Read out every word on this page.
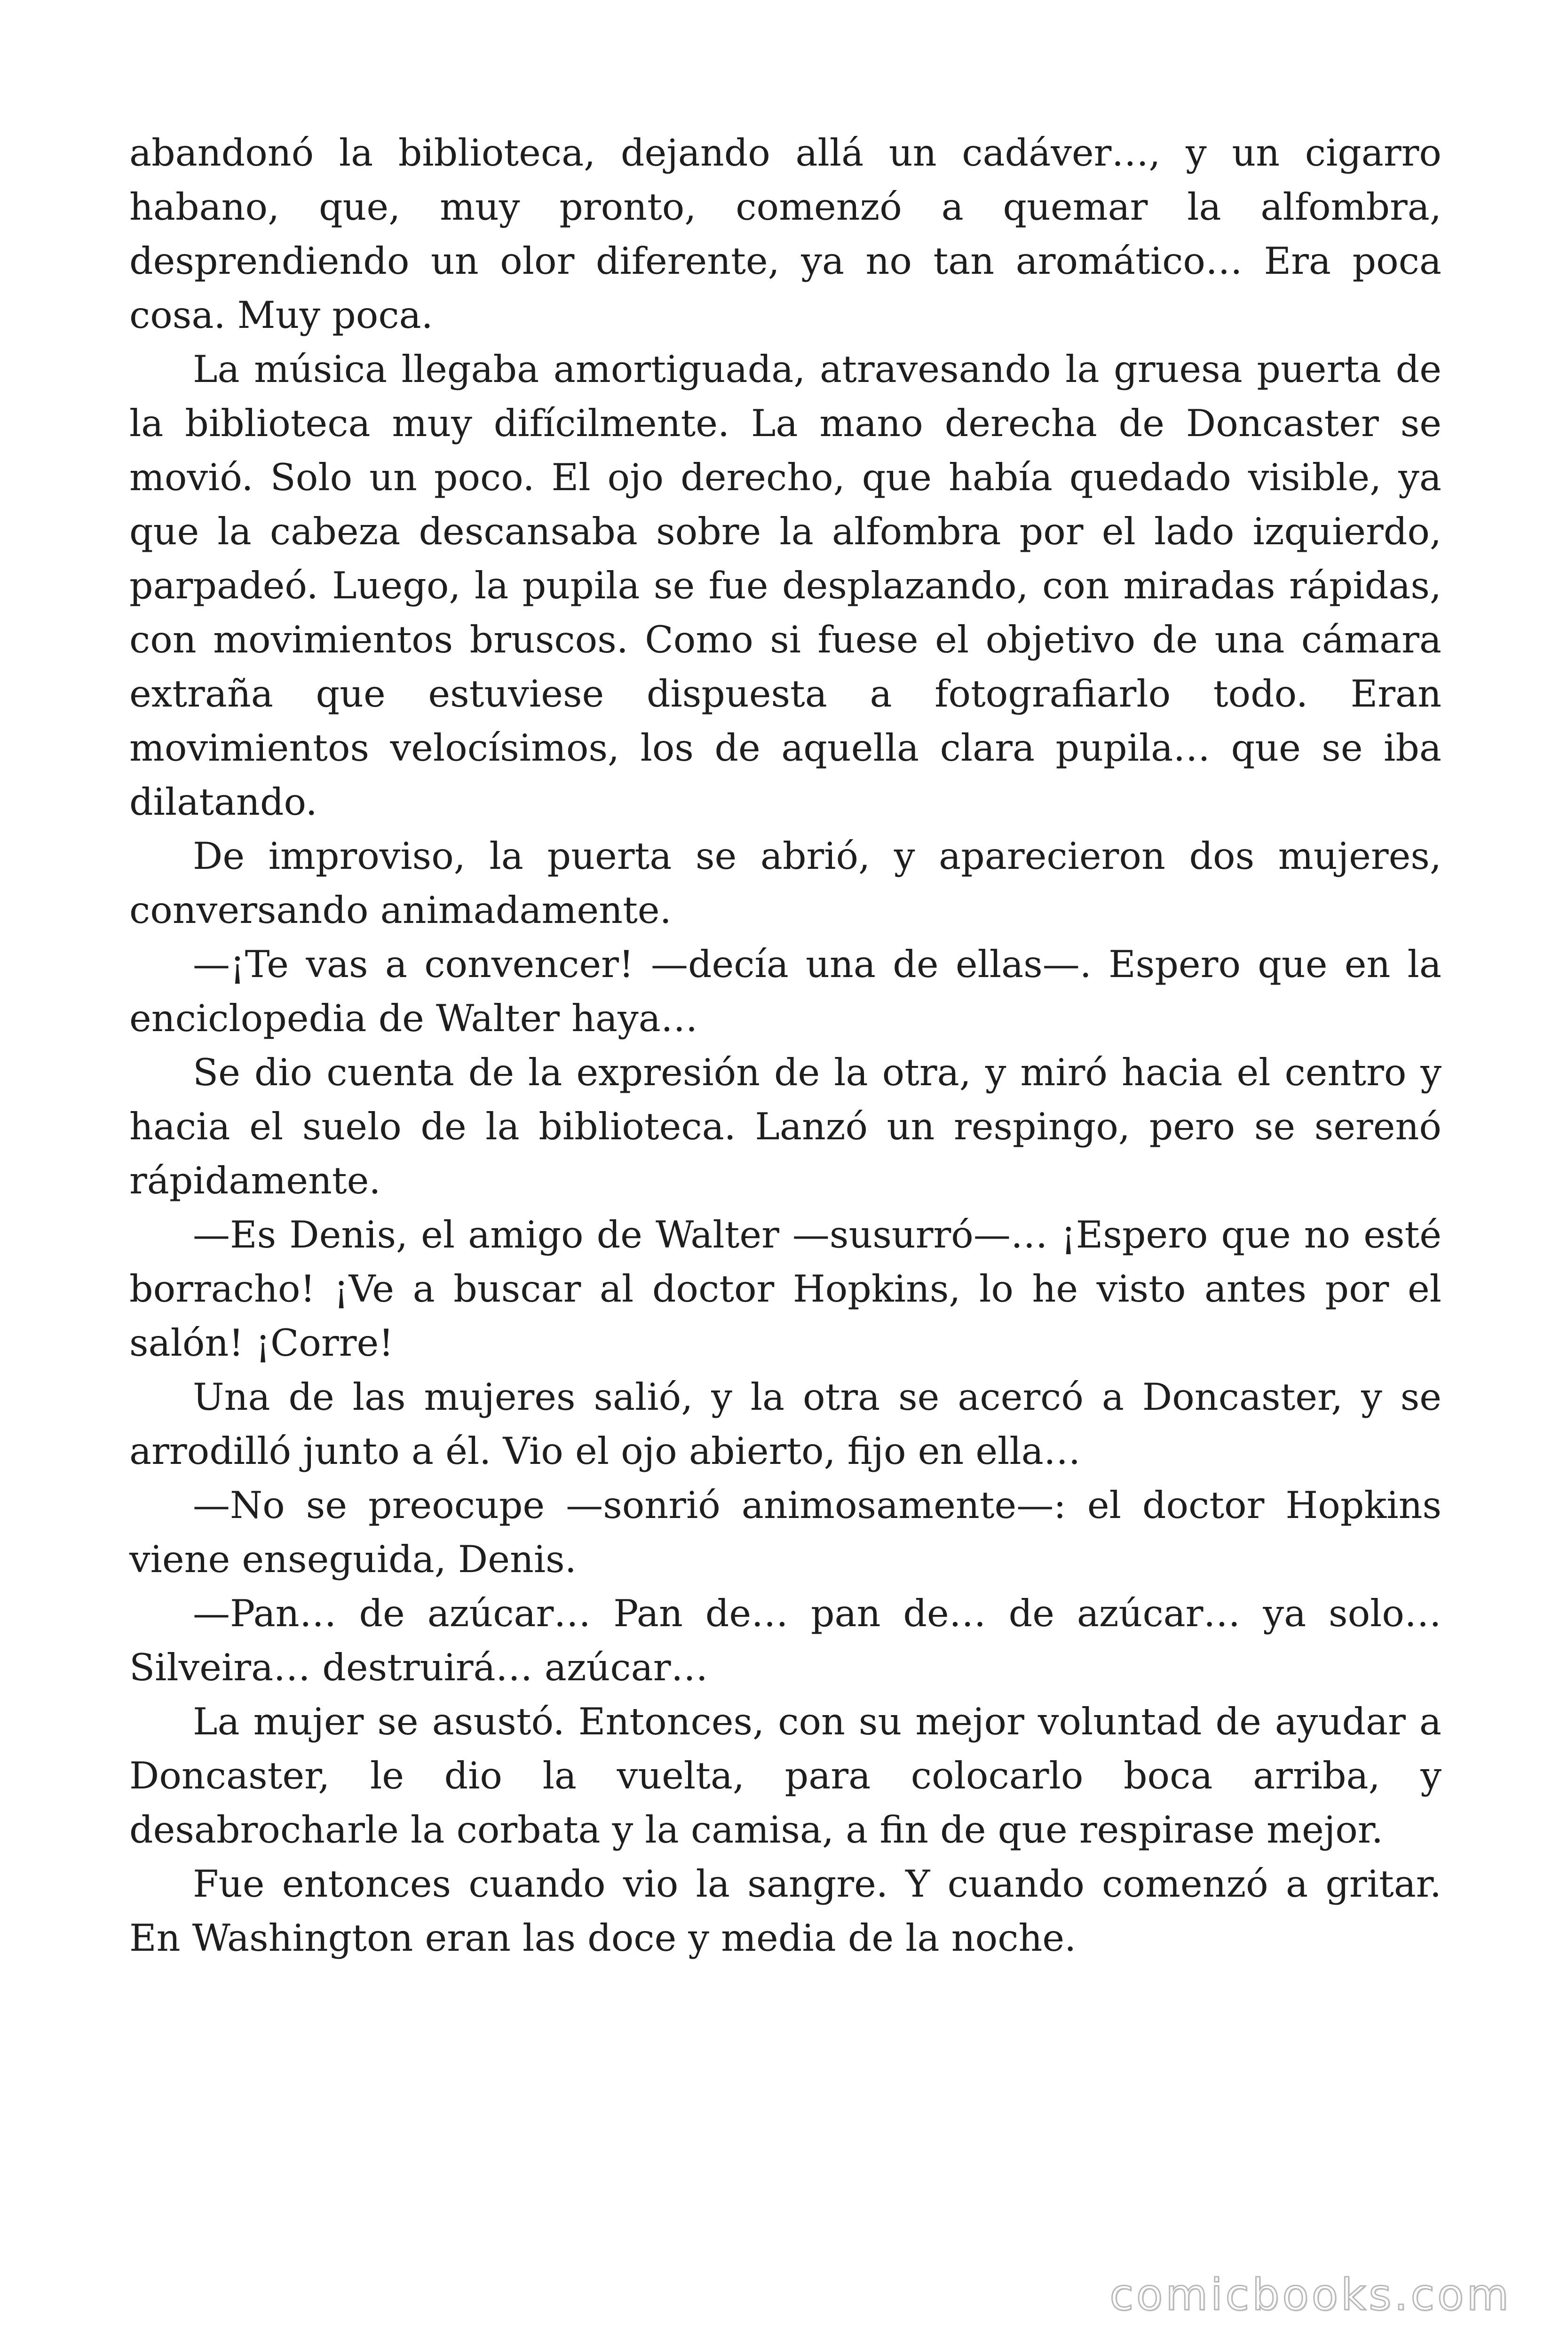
abandonó la biblioteca, dejando allá un cadáver…, y un cigarro habano, que, muy pronto, comenzó a quemar la alfombra, desprendiendo un olor diferente, ya no tan aromático… Era poca cosa. Muy poca.

La música llegaba amortiguada, atravesando la gruesa puerta de la biblioteca muy difícilmente. La mano derecha de Doncaster se movió. Solo un poco. El ojo derecho, que había quedado visible, ya que la cabeza descansaba sobre la alfombra por el lado izquierdo, parpadeó. Luego, la pupila se fue desplazando, con miradas rápidas, con movimientos bruscos. Como si fuese el objetivo de una cámara extraña que estuviese dispuesta a fotografiarlo todo. Eran movimientos velocísimos, los de aquella clara pupila… que se iba dilatando.

De improviso, la puerta se abrió, y aparecieron dos mujeres, conversando animadamente.

—¡Te vas a convencer! —decía una de ellas—. Espero que en la enciclopedia de Walter haya…

Se dio cuenta de la expresión de la otra, y miró hacia el centro y hacia el suelo de la biblioteca. Lanzó un respingo, pero se serenó rápidamente.

—Es Denis, el amigo de Walter —susurró—… ¡Espero que no esté borracho! ¡Ve a buscar al doctor Hopkins, lo he visto antes por el salón! ¡Corre!

Una de las mujeres salió, y la otra se acercó a Doncaster, y se arrodilló junto a él. Vio el ojo abierto, fijo en ella…

—No se preocupe —sonrió animosamente—: el doctor Hopkins viene enseguida, Denis.

—Pan… de azúcar… Pan de… pan de… de azúcar… ya solo… Silveira… destruirá… azúcar…

La mujer se asustó. Entonces, con su mejor voluntad de ayudar a Doncaster, le dio la vuelta, para colocarlo boca arriba, y desabrocharle la corbata y la camisa, a fin de que respirase mejor.

Fue entonces cuando vio la sangre. Y cuando comenzó a gritar. En Washington eran las doce y media de la noche.

comicbooks.com
